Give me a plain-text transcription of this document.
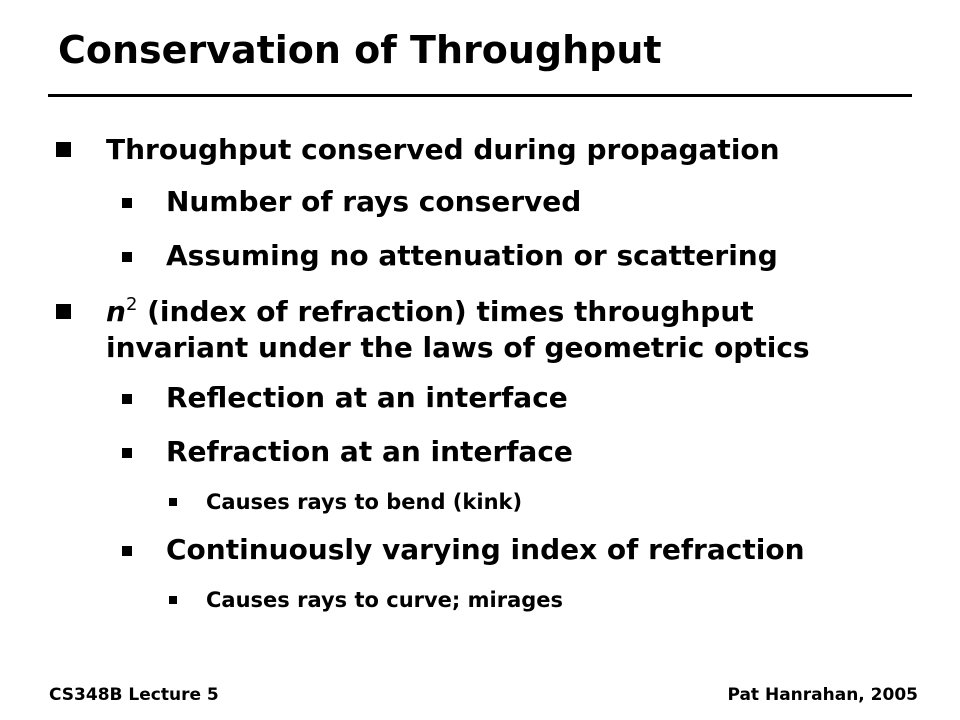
Conservation of Throughput
Throughput conserved during propagation
Number of rays conserved
Assuming no attenuation or scattering
$n^2$ (index of refraction) times throughput
invariant under the laws of geometric optics
Reflection at an interface
Refraction at an interface
Causes rays to bend (kink)
Continuously varying index of refraction
Causes rays to curve; mirages
CS348B Lecture 5	Pat Hanrahan, 2005
